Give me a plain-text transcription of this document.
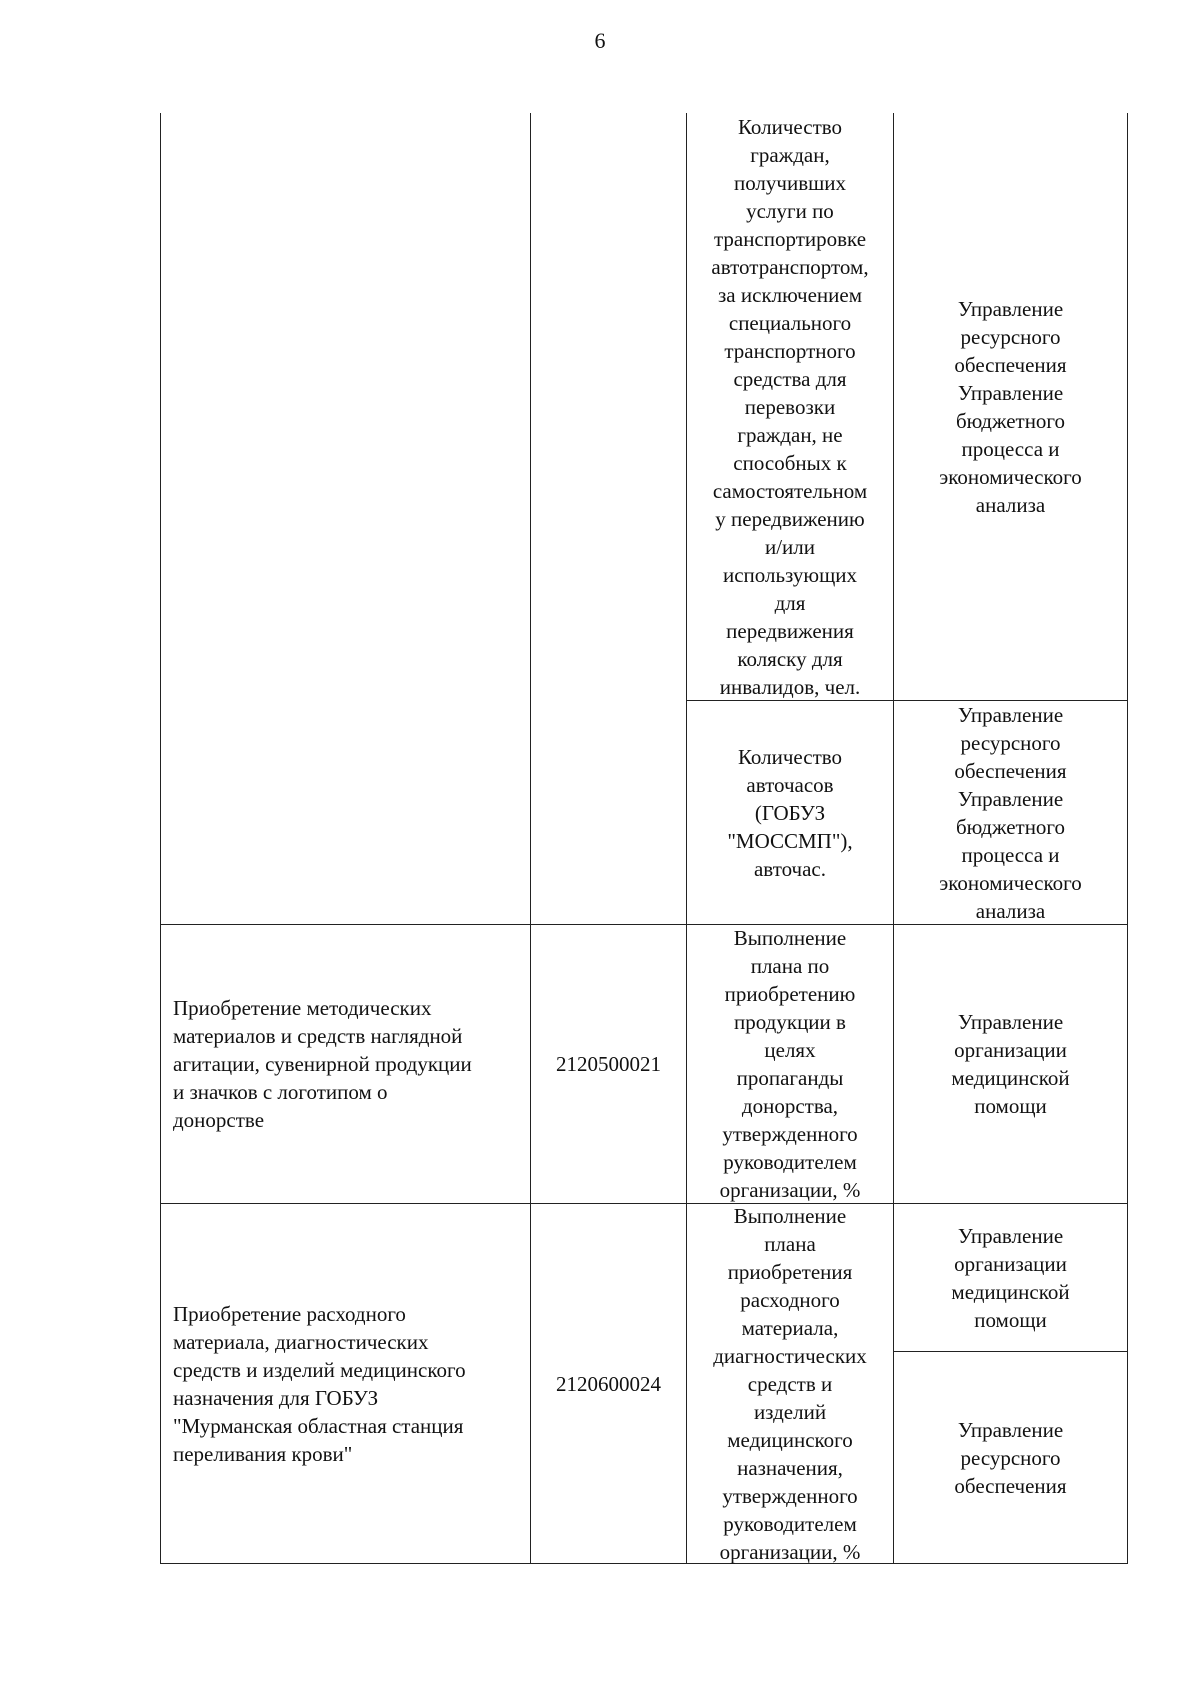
6
Количество
граждан,
получивших
услуги по
транспортировке
автотранспортом,
за исключением
специального
транспортного
средства для
перевозки
граждан, не
способных к
самостоятельном
у передвижению
и/или
использующих
для
передвижения
коляску для
инвалидов, чел.
Управление
ресурсного
обеспечения
Управление
бюджетного
процесса и
экономического
анализа
Количество
авточасов
(ГОБУЗ
"МОССМП"),
авточас.
Управление
ресурсного
обеспечения
Управление
бюджетного
процесса и
экономического
анализа
Приобретение методических
материалов и средств наглядной
агитации, сувенирной продукции
и значков с логотипом о
донорстве
2120500021
Выполнение
плана по
приобретению
продукции в
целях
пропаганды
донорства,
утвержденного
руководителем
организации, %
Управление
организации
медицинской
помощи
Приобретение расходного
материала, диагностических
средств и изделий медицинского
назначения для ГОБУЗ
"Мурманская областная станция
переливания крови"
2120600024
Выполнение
плана
приобретения
расходного
материала,
диагностических
средств и
изделий
медицинского
назначения,
утвержденного
руководителем
организации, %
Управление
организации
медицинской
помощи
Управление
ресурсного
обеспечения
